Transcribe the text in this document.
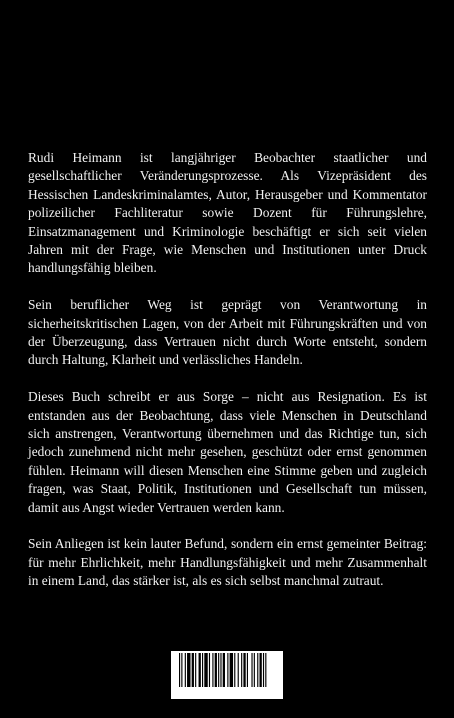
Rudi Heimann ist langjähriger Beobachter staatlicher und gesellschaftlicher Veränderungsprozesse. Als Vizepräsident des Hessischen Landeskriminalamtes, Autor, Herausgeber und Kommentator polizeilicher Fachliteratur sowie Dozent für Führungslehre, Einsatzmanagement und Kriminologie beschäftigt er sich seit vielen Jahren mit der Frage, wie Menschen und Institutionen unter Druck handlungsfähig bleiben.

Sein beruflicher Weg ist geprägt von Verantwortung in sicherheitskritischen Lagen, von der Arbeit mit Führungskräften und von der Überzeugung, dass Vertrauen nicht durch Worte entsteht, sondern durch Haltung, Klarheit und verlässliches Handeln.

Dieses Buch schreibt er aus Sorge – nicht aus Resignation. Es ist entstanden aus der Beobachtung, dass viele Menschen in Deutschland sich anstrengen, Verantwortung übernehmen und das Richtige tun, sich jedoch zunehmend nicht mehr gesehen, geschützt oder ernst genommen fühlen. Heimann will diesen Menschen eine Stimme geben und zugleich fragen, was Staat, Politik, Institutionen und Gesellschaft tun müssen, damit aus Angst wieder Vertrauen werden kann.

Sein Anliegen ist kein lauter Befund, sondern ein ernst gemeinter Beitrag: für mehr Ehrlichkeit, mehr Handlungsfähigkeit und mehr Zusammenhalt in einem Land, das stärker ist, als es sich selbst manchmal zutraut.

9 783384 998774
